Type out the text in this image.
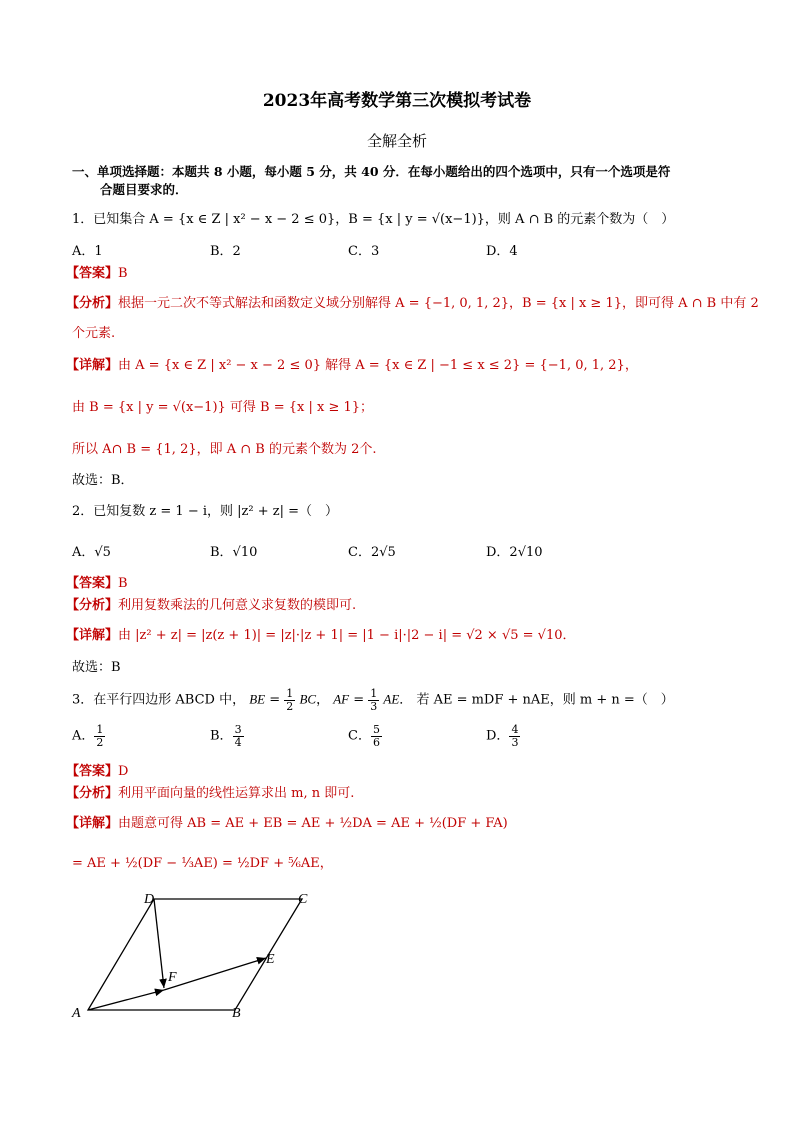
2023年高考数学第三次模拟考试卷
全解全析
一、单项选择题：本题共 8 小题，每小题 5 分，共 40 分．在每小题给出的四个选项中，只有一个选项是符
合题目要求的．
1．已知集合 A = {x ∈ Z | x² − x − 2 ≤ 0}，B = {x | y = √(x−1)}，则 A ∩ B 的元素个数为（　）
A．1	B．2	C．3	D．4
【答案】B
【分析】根据一元二次不等式解法和函数定义域分别解得 A = {−1, 0, 1, 2}，B = {x | x ≥ 1}，即可得 A ∩ B 中有 2
个元素.
【详解】由 A = {x ∈ Z | x² − x − 2 ≤ 0} 解得 A = {x ∈ Z | −1 ≤ x ≤ 2} = {−1, 0, 1, 2}，
由 B = {x | y = √(x−1)} 可得 B = {x | x ≥ 1}；
所以 A∩ B = {1, 2}，即 A ∩ B 的元素个数为 2个.
故选：B．
2．已知复数 z = 1 − i，则 |z² + z| =（　）
A．√5	B．√10	C．2√5	D．2√10
【答案】B
【分析】利用复数乘法的几何意义求复数的模即可.
【详解】由 |z² + z| = |z(z + 1)| = |z|·|z + 1| = |1 − i|·|2 − i| = √2 × √5 = √10．
故选：B
3．在平行四边形 ABCD 中， BE = $\frac{1}{2}$ BC， AF = $\frac{1}{3}$ AE． 若 AE = mDF + nAE，则 m + n =（　）
A． $\frac{1}{2}$	B． $\frac{3}{4}$	C． $\frac{5}{6}$	D． $\frac{4}{3}$
【答案】D
【分析】利用平面向量的线性运算求出 m, n 即可.
【详解】由题意可得 AB = AE + EB = AE + ½DA = AE + ½(DF + FA)
= AE + ½(DF − ⅓AE) = ½DF + ⅚AE，
A	B
C
D
E
F
